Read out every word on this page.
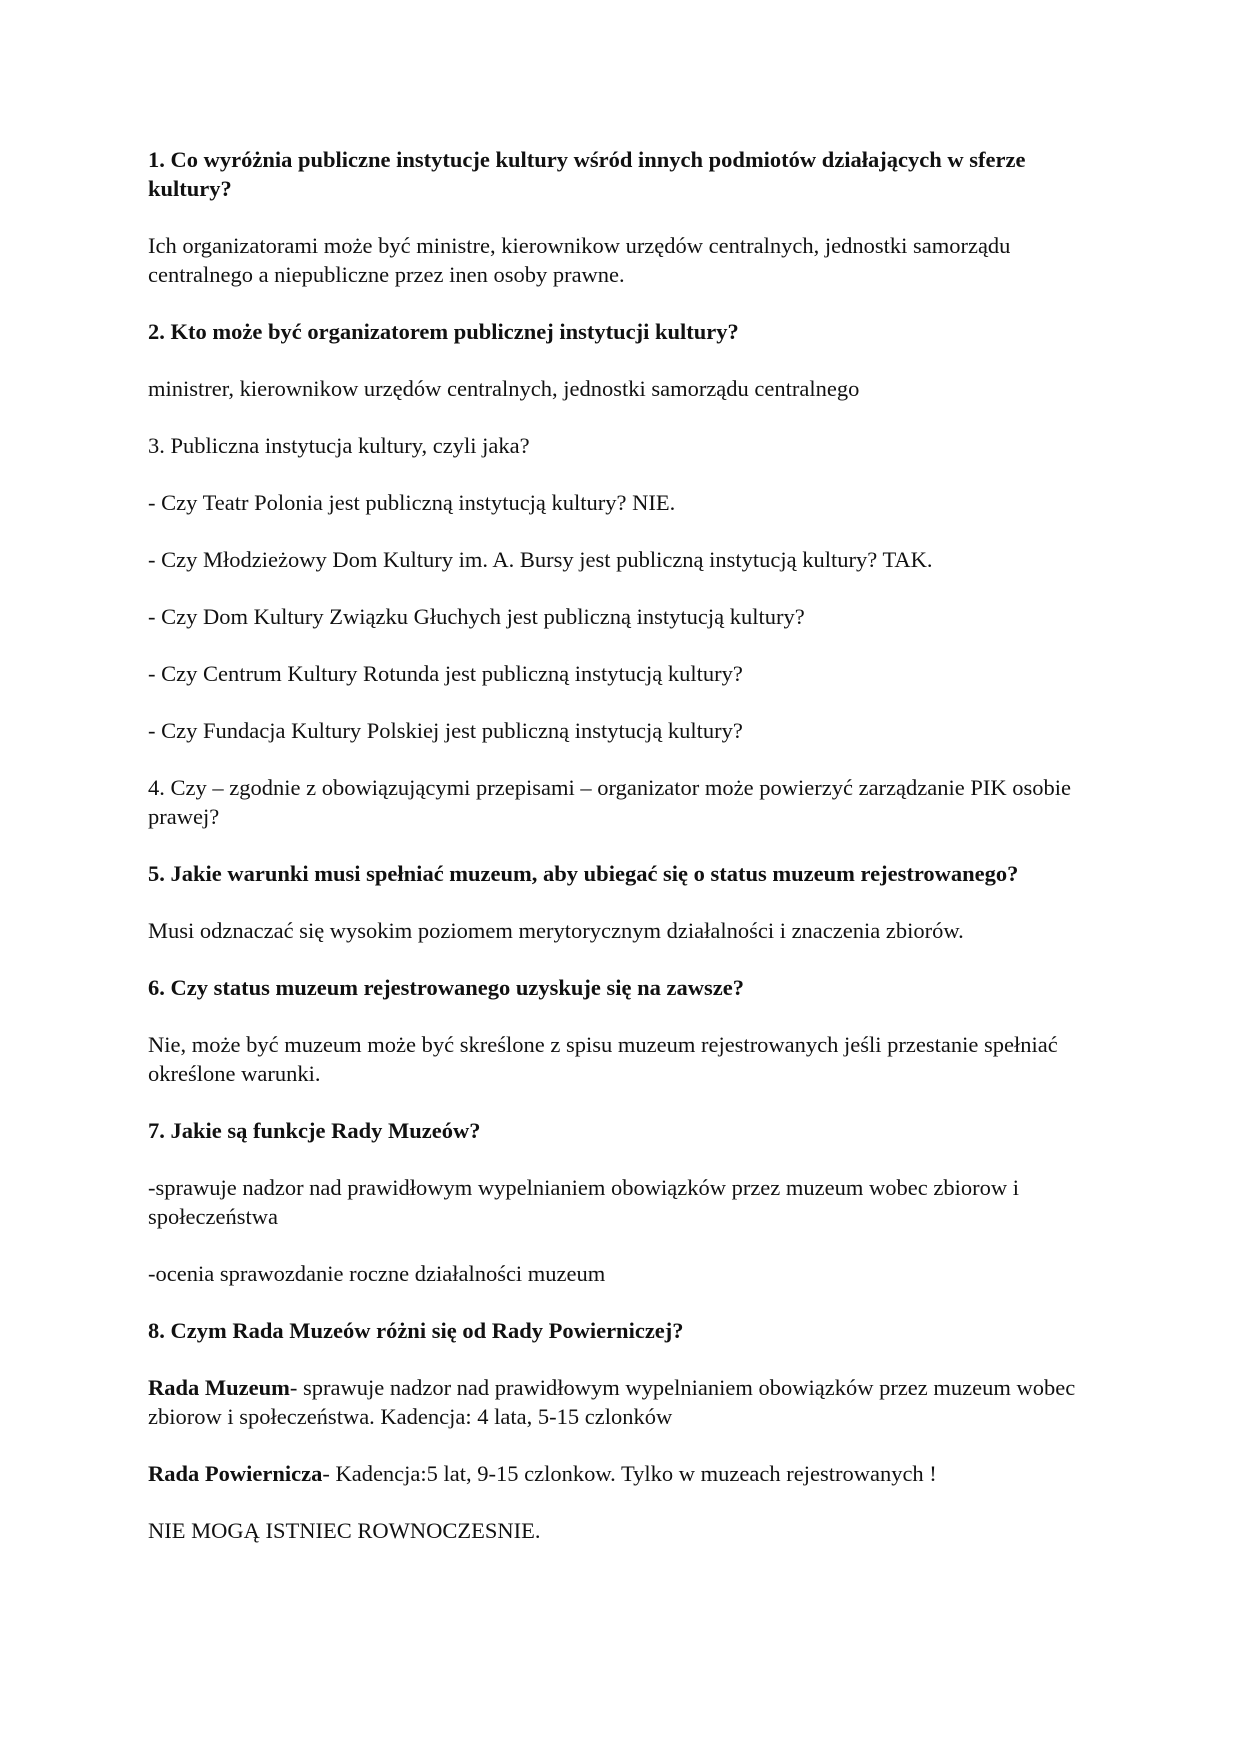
1. Co wyróżnia publiczne instytucje kultury wśród innych podmiotów działających w sferze kultury?

Ich organizatorami może być ministre, kierownikow urzędów centralnych, jednostki samorządu centralnego a niepubliczne przez inen osoby prawne.

2. Kto może być organizatorem publicznej instytucji kultury?

ministrer, kierownikow urzędów centralnych, jednostki samorządu centralnego

3. Publiczna instytucja kultury, czyli jaka?

- Czy Teatr Polonia jest publiczną instytucją kultury? NIE.

- Czy Młodzieżowy Dom Kultury im. A. Bursy jest publiczną instytucją kultury? TAK.

- Czy Dom Kultury Związku Głuchych jest publiczną instytucją kultury?

- Czy Centrum Kultury Rotunda jest publiczną instytucją kultury?

- Czy Fundacja Kultury Polskiej jest publiczną instytucją kultury?

4. Czy – zgodnie z obowiązującymi przepisami – organizator może powierzyć zarządzanie PIK osobie prawej?

5. Jakie warunki musi spełniać muzeum, aby ubiegać się o status muzeum rejestrowanego?

Musi odznaczać się wysokim poziomem merytorycznym działalności i znaczenia zbiorów.

6. Czy status muzeum rejestrowanego uzyskuje się na zawsze?

Nie, może być muzeum może być skreślone z spisu muzeum rejestrowanych jeśli przestanie spełniać określone warunki.

7. Jakie są funkcje Rady Muzeów?

-sprawuje nadzor nad prawidłowym wypelnianiem obowiązków przez muzeum wobec zbiorow i społeczeństwa

-ocenia sprawozdanie roczne działalności muzeum

8. Czym Rada Muzeów różni się od Rady Powierniczej?

Rada Muzeum- sprawuje nadzor nad prawidłowym wypelnianiem obowiązków przez muzeum wobec zbiorow i społeczeństwa. Kadencja: 4 lata, 5-15 czlonków

Rada Powiernicza- Kadencja:5 lat, 9-15 czlonkow. Tylko w muzeach rejestrowanych !

NIE MOGĄ ISTNIEC ROWNOCZESNIE.
